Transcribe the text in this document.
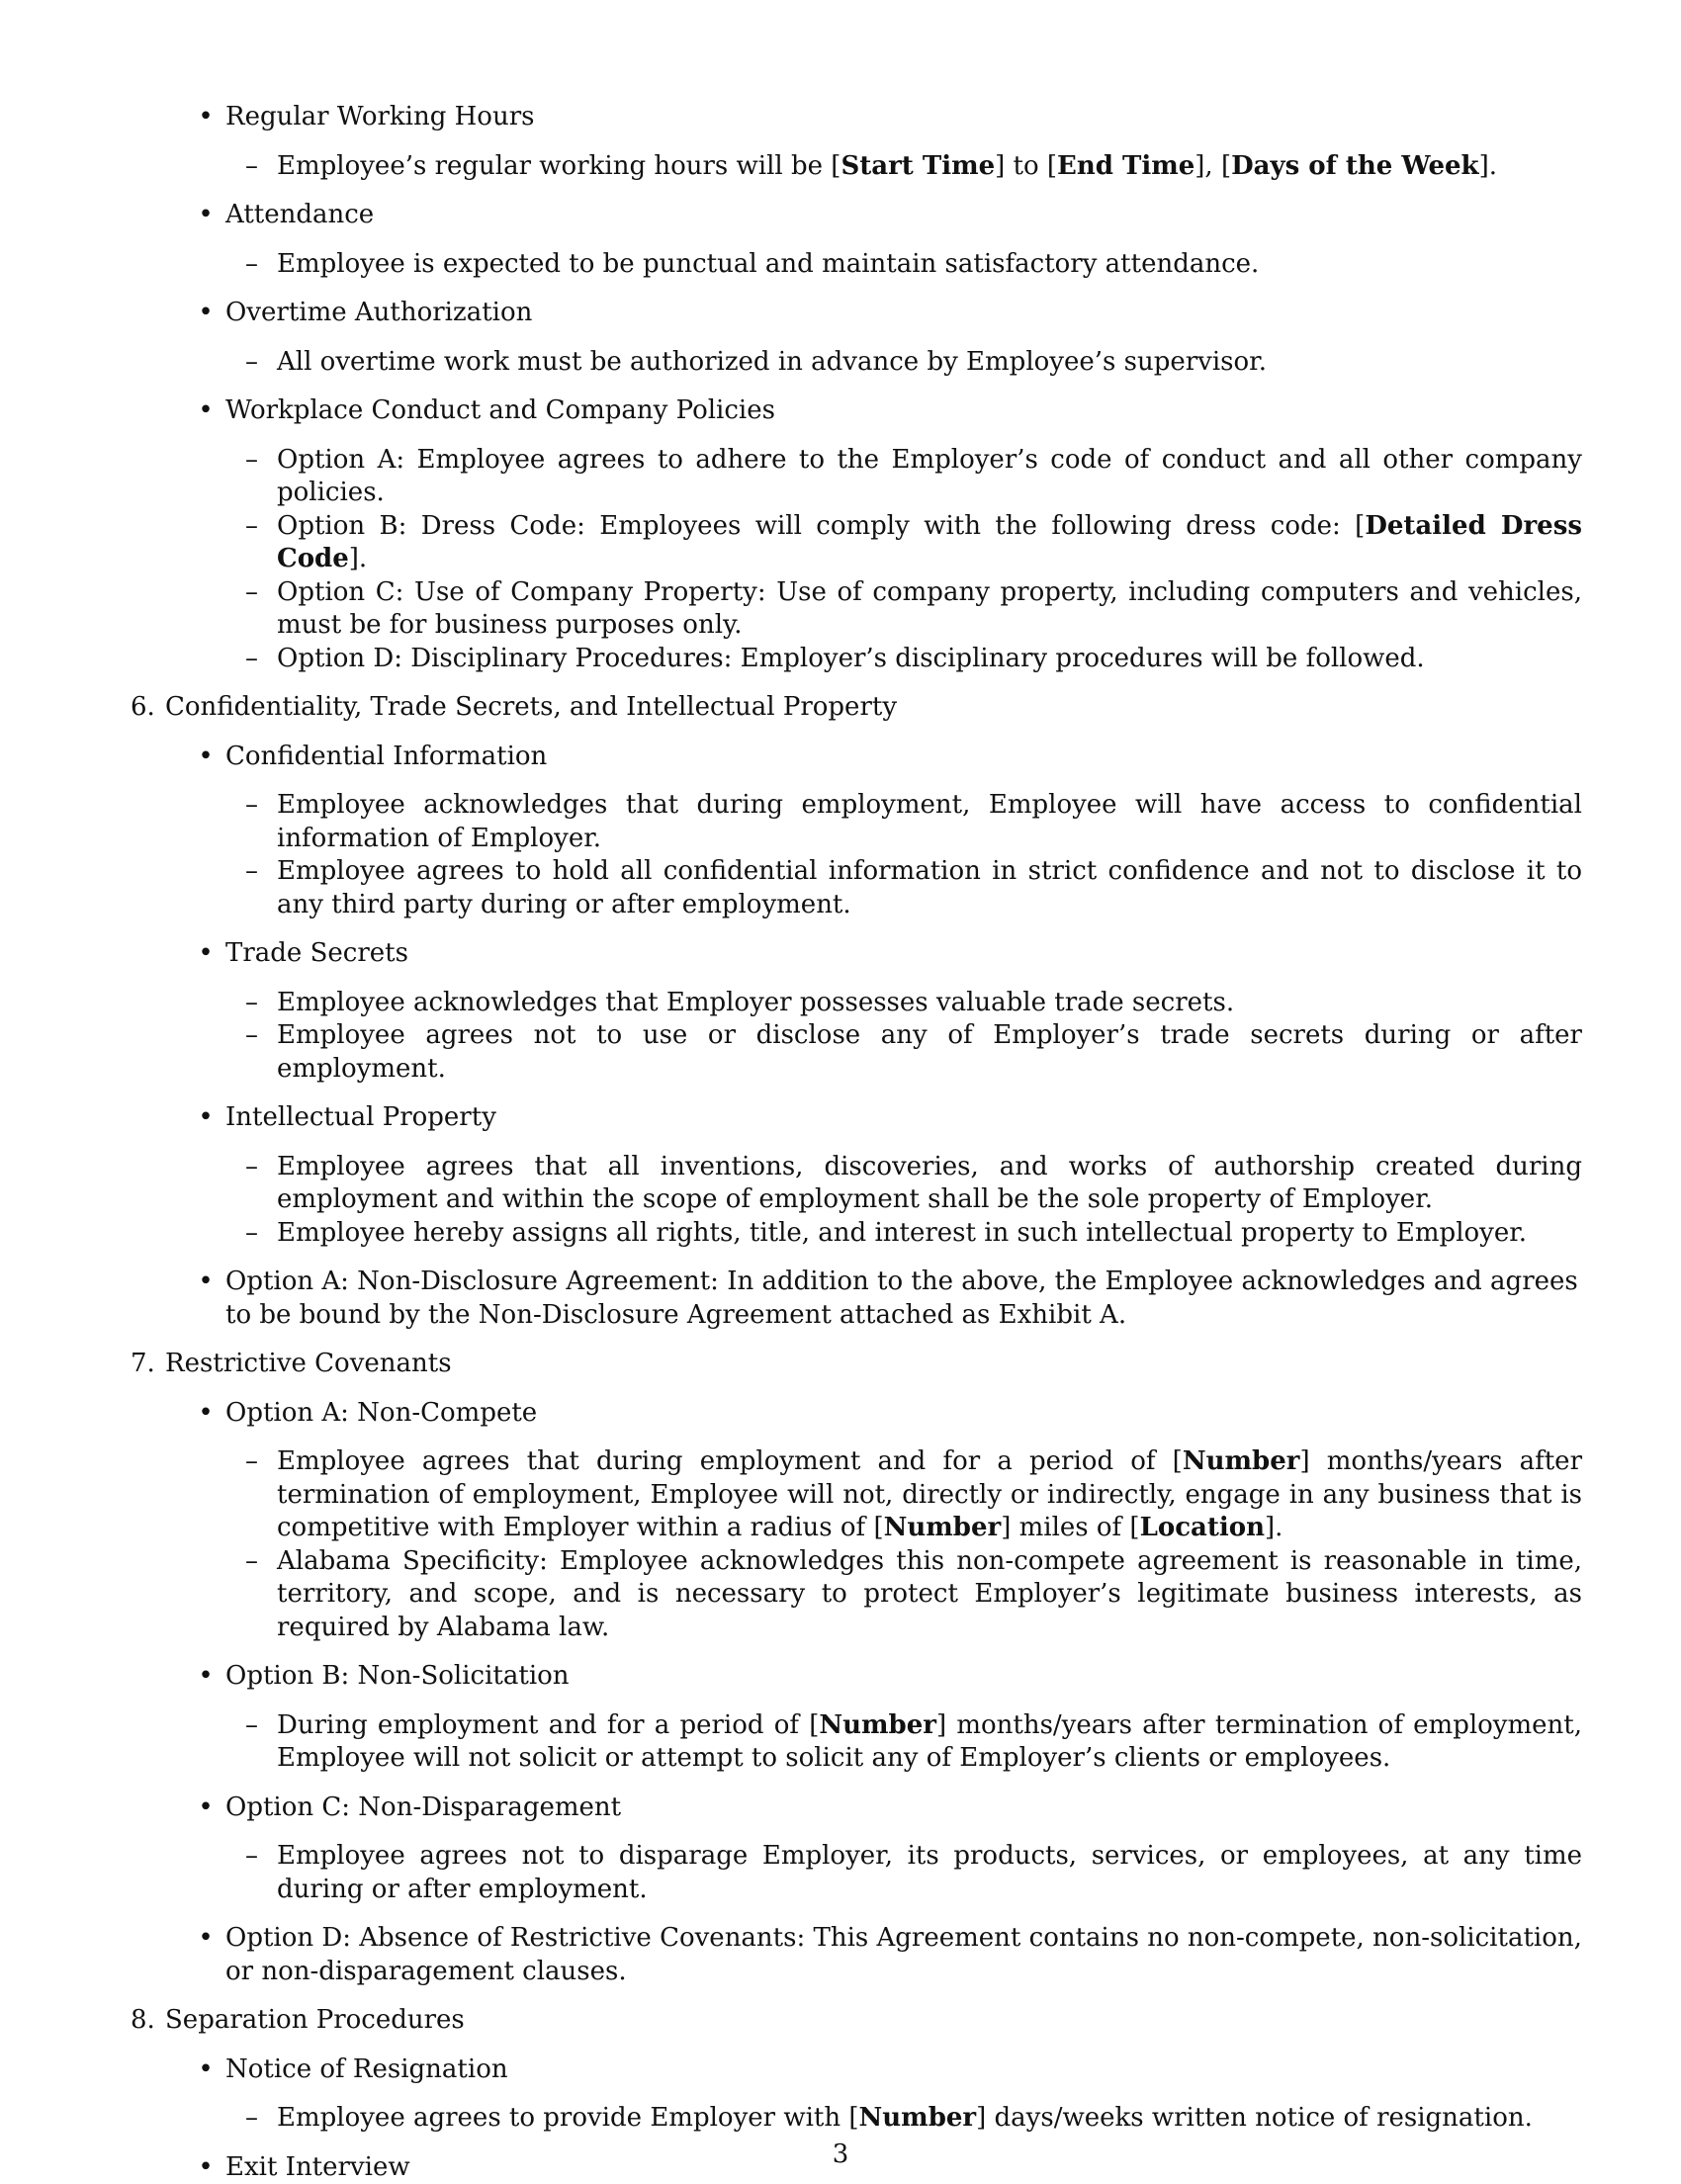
• Regular Working Hours
– Employee’s regular working hours will be [Start Time] to [End Time], [Days of the Week].
• Attendance
– Employee is expected to be punctual and maintain satisfactory attendance.
• Overtime Authorization
– All overtime work must be authorized in advance by Employee’s supervisor.
• Workplace Conduct and Company Policies
– Option A: Employee agrees to adhere to the Employer’s code of conduct and all other company policies.
– Option B: Dress Code: Employees will comply with the following dress code: [Detailed Dress Code].
– Option C: Use of Company Property: Use of company property, including computers and vehicles, must be for business purposes only.
– Option D: Disciplinary Procedures: Employer’s disciplinary procedures will be followed.
6. Confidentiality, Trade Secrets, and Intellectual Property
• Confidential Information
– Employee acknowledges that during employment, Employee will have access to confidential information of Employer.
– Employee agrees to hold all confidential information in strict confidence and not to disclose it to any third party during or after employment.
• Trade Secrets
– Employee acknowledges that Employer possesses valuable trade secrets.
– Employee agrees not to use or disclose any of Employer’s trade secrets during or after employment.
• Intellectual Property
– Employee agrees that all inventions, discoveries, and works of authorship created during employment and within the scope of employment shall be the sole property of Employer.
– Employee hereby assigns all rights, title, and interest in such intellectual property to Employer.
• Option A: Non-Disclosure Agreement: In addition to the above, the Employee acknowledges and agrees to be bound by the Non-Disclosure Agreement attached as Exhibit A.
7. Restrictive Covenants
• Option A: Non-Compete
– Employee agrees that during employment and for a period of [Number] months/years after termination of employment, Employee will not, directly or indirectly, engage in any business that is competitive with Employer within a radius of [Number] miles of [Location].
– Alabama Specificity: Employee acknowledges this non-compete agreement is reasonable in time, territory, and scope, and is necessary to protect Employer’s legitimate business interests, as required by Alabama law.
• Option B: Non-Solicitation
– During employment and for a period of [Number] months/years after termination of employment, Employee will not solicit or attempt to solicit any of Employer’s clients or employees.
• Option C: Non-Disparagement
– Employee agrees not to disparage Employer, its products, services, or employees, at any time during or after employment.
• Option D: Absence of Restrictive Covenants: This Agreement contains no non-compete, non-solicitation, or non-disparagement clauses.
8. Separation Procedures
• Notice of Resignation
– Employee agrees to provide Employer with [Number] days/weeks written notice of resignation.
• Exit Interview	3
